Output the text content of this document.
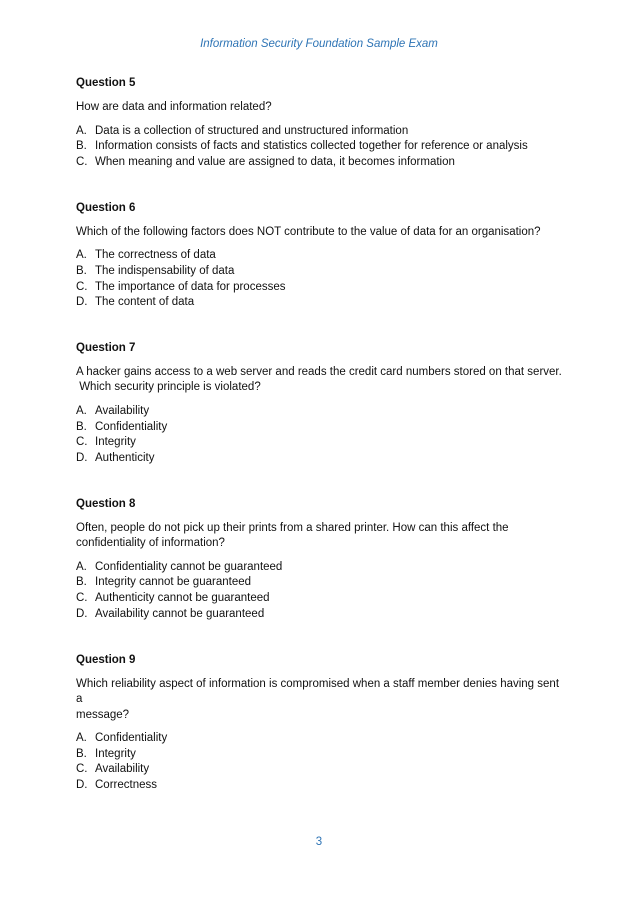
Information Security Foundation Sample Exam
Question 5
How are data and information related?
A. Data is a collection of structured and unstructured information
B. Information consists of facts and statistics collected together for reference or analysis
C. When meaning and value are assigned to data, it becomes information
Question 6
Which of the following factors does NOT contribute to the value of data for an organisation?
A. The correctness of data
B. The indispensability of data
C. The importance of data for processes
D. The content of data
Question 7
A hacker gains access to a web server and reads the credit card numbers stored on that server.
Which security principle is violated?
A. Availability
B. Confidentiality
C. Integrity
D. Authenticity
Question 8
Often, people do not pick up their prints from a shared printer. How can this affect the
confidentiality of information?
A. Confidentiality cannot be guaranteed
B. Integrity cannot be guaranteed
C. Authenticity cannot be guaranteed
D. Availability cannot be guaranteed
Question 9
Which reliability aspect of information is compromised when a staff member denies having sent a
message?
A. Confidentiality
B. Integrity
C. Availability
D. Correctness
3
